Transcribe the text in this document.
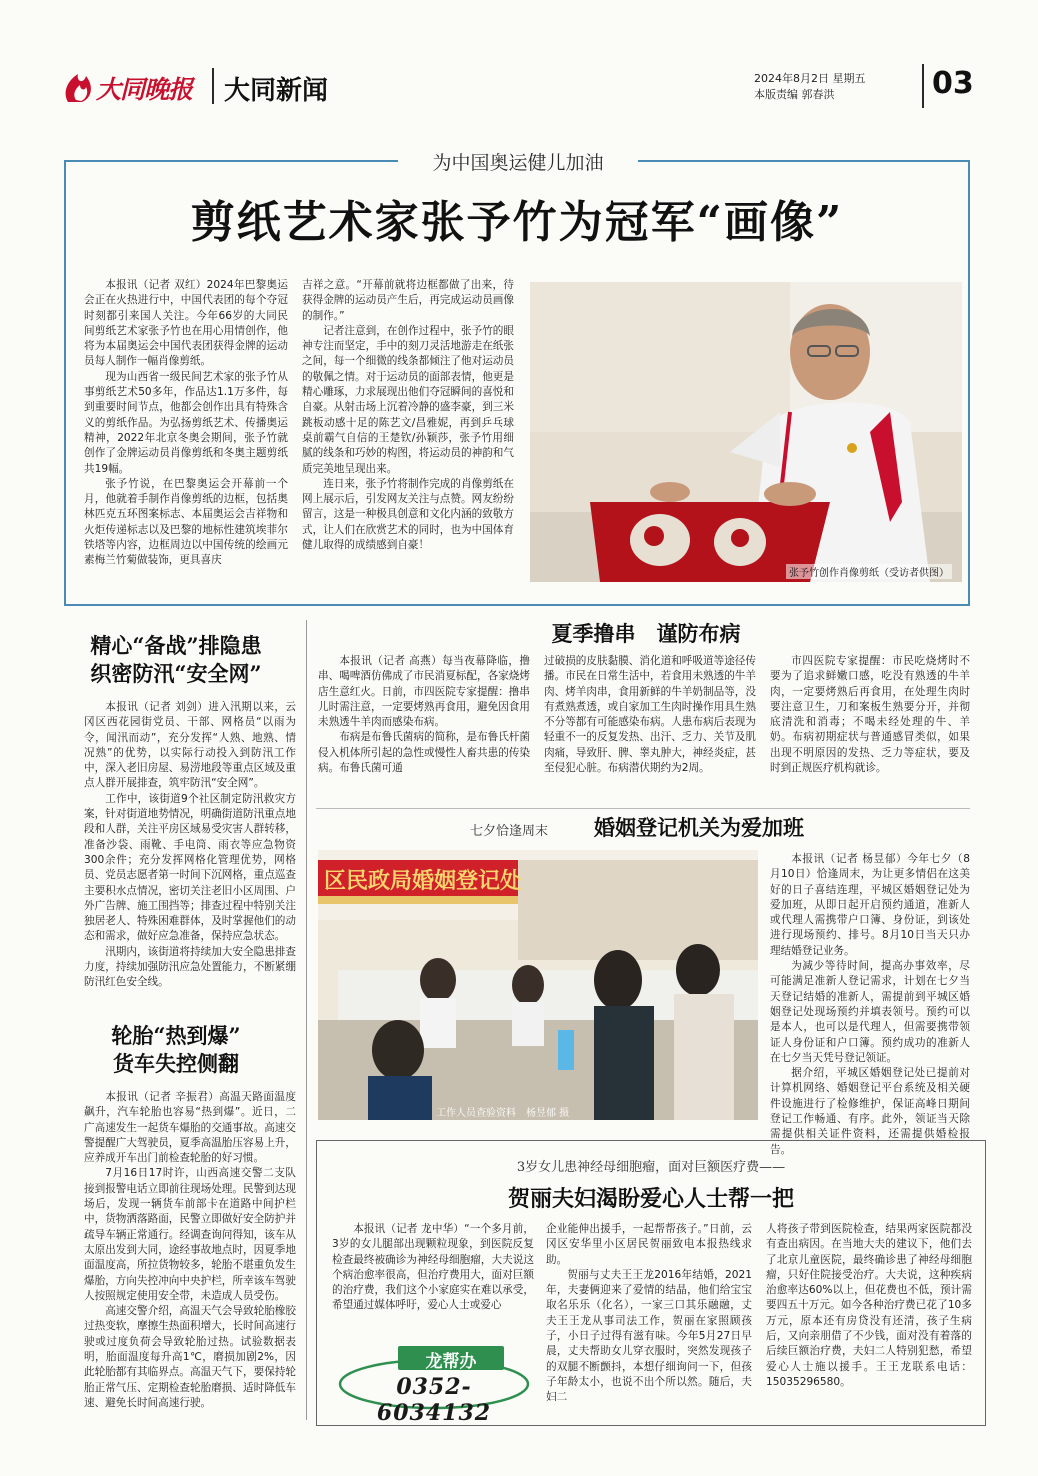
大同晚报 大同新闻	2024年8月2日 星期五
本版责编 郭春洪	03
为中国奥运健儿加油
剪纸艺术家张予竹为冠军“画像”

本报讯（记者 双红）2024年巴黎奥运会正在火热进行中，中国代表团的每个夺冠时刻都引来国人关注。今年66岁的大同民间剪纸艺术家张予竹也在用心用情创作，他将为本届奥运会中国代表团获得金牌的运动员每人制作一幅肖像剪纸。

现为山西省一级民间艺术家的张予竹从事剪纸艺术50多年，作品达1.1万多件，每到重要时间节点，他都会创作出具有特殊含义的剪纸作品。为弘扬剪纸艺术、传播奥运精神，2022年北京冬奥会期间，张予竹就创作了金牌运动员肖像剪纸和冬奥主题剪纸共19幅。

张予竹说，在巴黎奥运会开幕前一个月，他就着手制作肖像剪纸的边框，包括奥林匹克五环图案标志、本届奥运会吉祥物和火炬传递标志以及巴黎的地标性建筑埃菲尔铁塔等内容，边框周边以中国传统的绘画元素梅兰竹菊做装饰，更具喜庆

吉祥之意。“开幕前就将边框都做了出来，待获得金牌的运动员产生后，再完成运动员画像的制作。”

记者注意到，在创作过程中，张予竹的眼神专注而坚定，手中的刻刀灵活地游走在纸张之间，每一个细微的线条都倾注了他对运动员的敬佩之情。对于运动员的面部表情，他更是精心雕琢，力求展现出他们夺冠瞬间的喜悦和自豪。从射击场上沉着冷静的盛李豪，到三米跳板动感十足的陈艺文/昌雅妮，再到乒乓球桌前霸气自信的王楚钦/孙颖莎，张予竹用细腻的线条和巧妙的构图，将运动员的神韵和气质完美地呈现出来。

连日来，张予竹将制作完成的肖像剪纸在网上展示后，引发网友关注与点赞。网友纷纷留言，这是一种极具创意和文化内涵的致敬方式，让人们在欣赏艺术的同时，也为中国体育健儿取得的成绩感到自豪！

张予竹创作肖像剪纸（受访者供图）
精心“备战”排隐患
织密防汛“安全网”

本报讯（记者 刘剑）进入汛期以来，云冈区西花园街党员、干部、网格员“以雨为令，闻汛而动”，充分发挥“人熟、地熟、情况熟”的优势，以实际行动投入到防汛工作中，深入老旧房屋、易涝地段等重点区域及重点人群开展排查，筑牢防汛“安全网”。

工作中，该街道9个社区制定防汛救灾方案，针对街道地势情况，明确街道防汛重点地段和人群，关注平房区域易受灾害人群转移，准备沙袋、雨靴、手电筒、雨衣等应急物资300余件；充分发挥网格化管理优势，网格员、党员志愿者第一时间下沉网格，重点巡查主要积水点情况，密切关注老旧小区周围、户外广告牌、施工围挡等；排查过程中特别关注独居老人、特殊困难群体，及时掌握他们的动态和需求，做好应急准备，保持应急状态。

汛期内，该街道将持续加大安全隐患排查力度，持续加强防汛应急处置能力，不断紧绷防汛红色安全线。

轮胎“热到爆”
货车失控侧翻

本报讯（记者 辛振君）高温天路面温度飙升，汽车轮胎也容易“热到爆”。近日，二广高速发生一起货车爆胎的交通事故。高速交警提醒广大驾驶员，夏季高温胎压容易上升，应养成开车出门前检查轮胎的好习惯。

7月16日17时许，山西高速交警二支队接到报警电话立即前往现场处理。民警到达现场后，发现一辆货车前部卡在道路中间护栏中，货物洒落路面，民警立即做好安全防护并疏导车辆正常通行。经调查询问得知，该车从太原出发到大同，途经事故地点时，因夏季地面温度高，所拉货物较多，轮胎不堪重负发生爆胎，方向失控冲向中央护栏，所幸该车驾驶人按照规定使用安全带，未造成人员受伤。

高速交警介绍，高温天气会导致轮胎橡胶过热变软，摩擦生热面积增大，长时间高速行驶或过度负荷会导致轮胎过热。试验数据表明，胎面温度每升高1℃，磨损加剧2%，因此轮胎都有其临界点。高温天气下，要保持轮胎正常气压、定期检查轮胎磨损、适时降低车速、避免长时间高速行驶。

夏季撸串　谨防布病

本报讯（记者 高燕）每当夜幕降临，撸串、喝啤酒仿佛成了市民消夏标配，各家烧烤店生意红火。日前，市四医院专家提醒：撸串儿时需注意，一定要烤熟再食用，避免因食用未熟透牛羊肉而感染布病。

布病是布鲁氏菌病的简称，是布鲁氏杆菌侵入机体所引起的急性或慢性人畜共患的传染病。布鲁氏菌可通

过破损的皮肤黏膜、消化道和呼吸道等途径传播。市民在日常生活中，若食用未熟透的牛羊肉、烤羊肉串，食用新鲜的牛羊奶制品等，没有煮熟煮透，或自家加工生肉时操作用具生熟不分等都有可能感染布病。人患布病后表现为轻重不一的反复发热、出汗、乏力、关节及肌肉痛，导致肝、脾、睾丸肿大，神经炎症，甚至侵犯心脏。布病潜伏期约为2周。

市四医院专家提醒：市民吃烧烤时不要为了追求鲜嫩口感，吃没有熟透的牛羊肉，一定要烤熟后再食用，在处理生肉时要注意卫生，刀和案板生熟要分开，并彻底清洗和消毒；不喝未经处理的牛、羊奶。布病初期症状与普通感冒类似，如果出现不明原因的发热、乏力等症状，要及时到正规医疗机构就诊。

七夕恰逢周末 婚姻登记机关为爱加班
区民政局婚姻登记处
工作人员查验资料　杨昱郁 摄

本报讯（记者 杨昱郁）今年七夕（8月10日）恰逢周末，为让更多情侣在这美好的日子喜结连理，平城区婚姻登记处为爱加班，从即日起开启预约通道，准新人或代理人需携带户口簿、身份证，到该处进行现场预约、排号。8月10日当天只办理结婚登记业务。

为减少等待时间，提高办事效率，尽可能满足准新人登记需求，计划在七夕当天登记结婚的准新人，需提前到平城区婚姻登记处现场预约并填表领号。预约可以是本人，也可以是代理人，但需要携带领证人身份证和户口簿。预约成功的准新人在七夕当天凭号登记领证。

据介绍，平城区婚姻登记处已提前对计算机网络、婚姻登记平台系统及相关硬件设施进行了检修维护，保证高峰日期间登记工作畅通、有序。此外，领证当天除需提供相关证件资料，还需提供婚检报告。

3岁女儿患神经母细胞瘤，面对巨额医疗费——
贺丽夫妇渴盼爱心人士帮一把

本报讯（记者 龙中华）“一个多月前，3岁的女儿腿部出现颗粒现象，到医院反复检查最终被确诊为神经母细胞瘤，大夫说这个病治愈率很高，但治疗费用大，面对巨额的治疗费，我们这个小家庭实在难以承受，希望通过媒体呼吁，爱心人士或爱心

企业能伸出援手，一起帮帮孩子。”日前，云冈区安华里小区居民贺丽致电本报热线求助。

贺丽与丈夫王王龙2016年结婚，2021年，夫妻俩迎来了爱情的结晶，他们给宝宝取名乐乐（化名），一家三口其乐融融，丈夫王王龙从事司法工作，贺丽在家照顾孩子，小日子过得有滋有味。今年5月27日早晨，丈夫帮助女儿穿衣服时，突然发现孩子的双腿不断颤抖，本想仔细询问一下，但孩子年龄太小，也说不出个所以然。随后，夫妇二

人将孩子带到医院检查，结果两家医院都没有查出病因。在当地大夫的建议下，他们去了北京儿童医院，最终确诊患了神经母细胞瘤，只好住院接受治疗。大夫说，这种疾病治愈率达60%以上，但花费也不低，预计需要四五十万元。如今各种治疗费已花了10多万元，原本还有房贷没有还清，孩子生病后，又向亲朋借了不少钱，面对没有着落的后续巨额治疗费，夫妇二人特别犯愁，希望爱心人士施以援手。王王龙联系电话：15035296580。

龙帮办
0352-6034132
